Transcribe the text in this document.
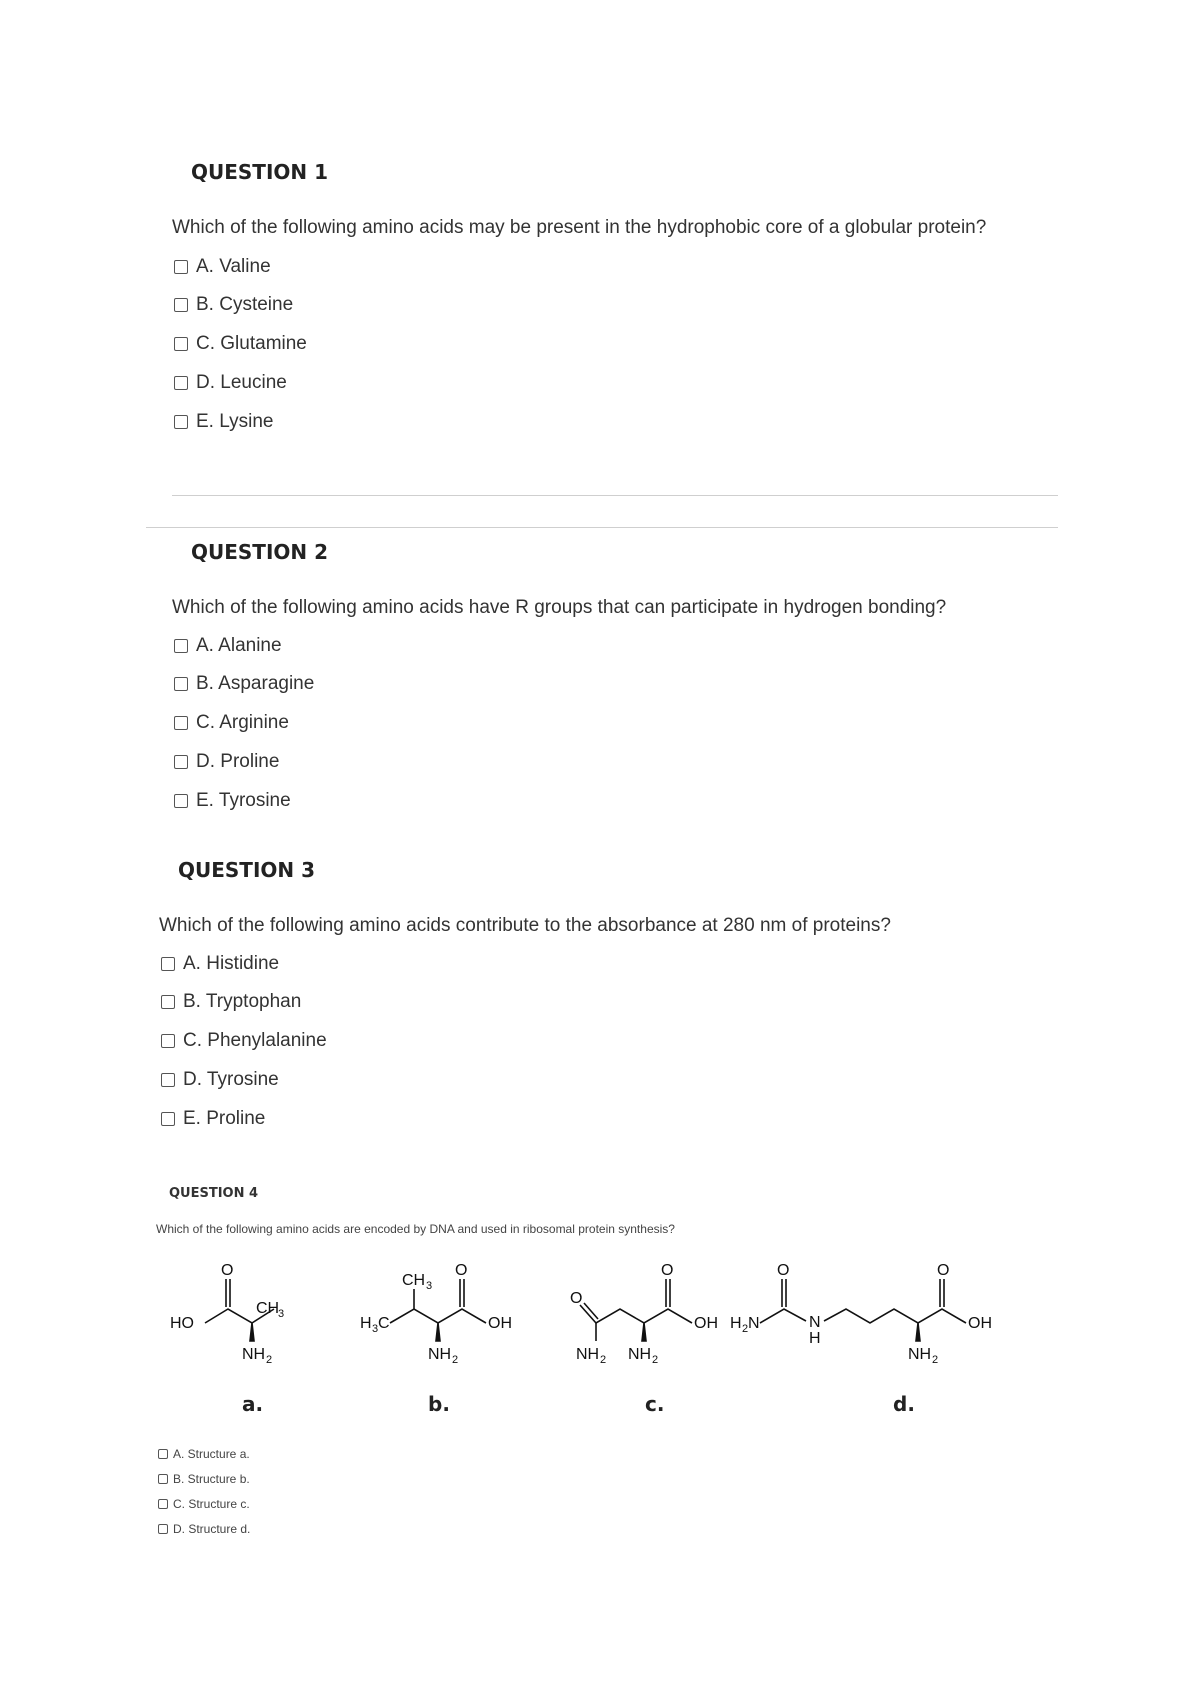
QUESTION 1

Which of the following amino acids may be present in the hydrophobic core of a globular protein?

A. Valine
B. Cysteine
C. Glutamine
D. Leucine
E. Lysine
QUESTION 2

Which of the following amino acids have R groups that can participate in hydrogen bonding?

A. Alanine
B. Asparagine
C. Arginine
D. Proline
E. Tyrosine
QUESTION 3

Which of the following amino acids contribute to the absorbance at 280 nm of proteins?

A. Histidine
B. Tryptophan
C. Phenylalanine
D. Tyrosine
E. Proline
QUESTION 4

Which of the following amino acids are encoded by DNA and used in ribosomal protein synthesis?

HO
O
CH
3
NH 2
H 3 C
CH 3
O
OH
NH 2
O
O
OH
NH 2 NH 2
H 2 N
O
N
H
O
OH
NH 2
a.	b.	c.	d.
A. Structure a.
B. Structure b.
C. Structure c.
D. Structure d.
